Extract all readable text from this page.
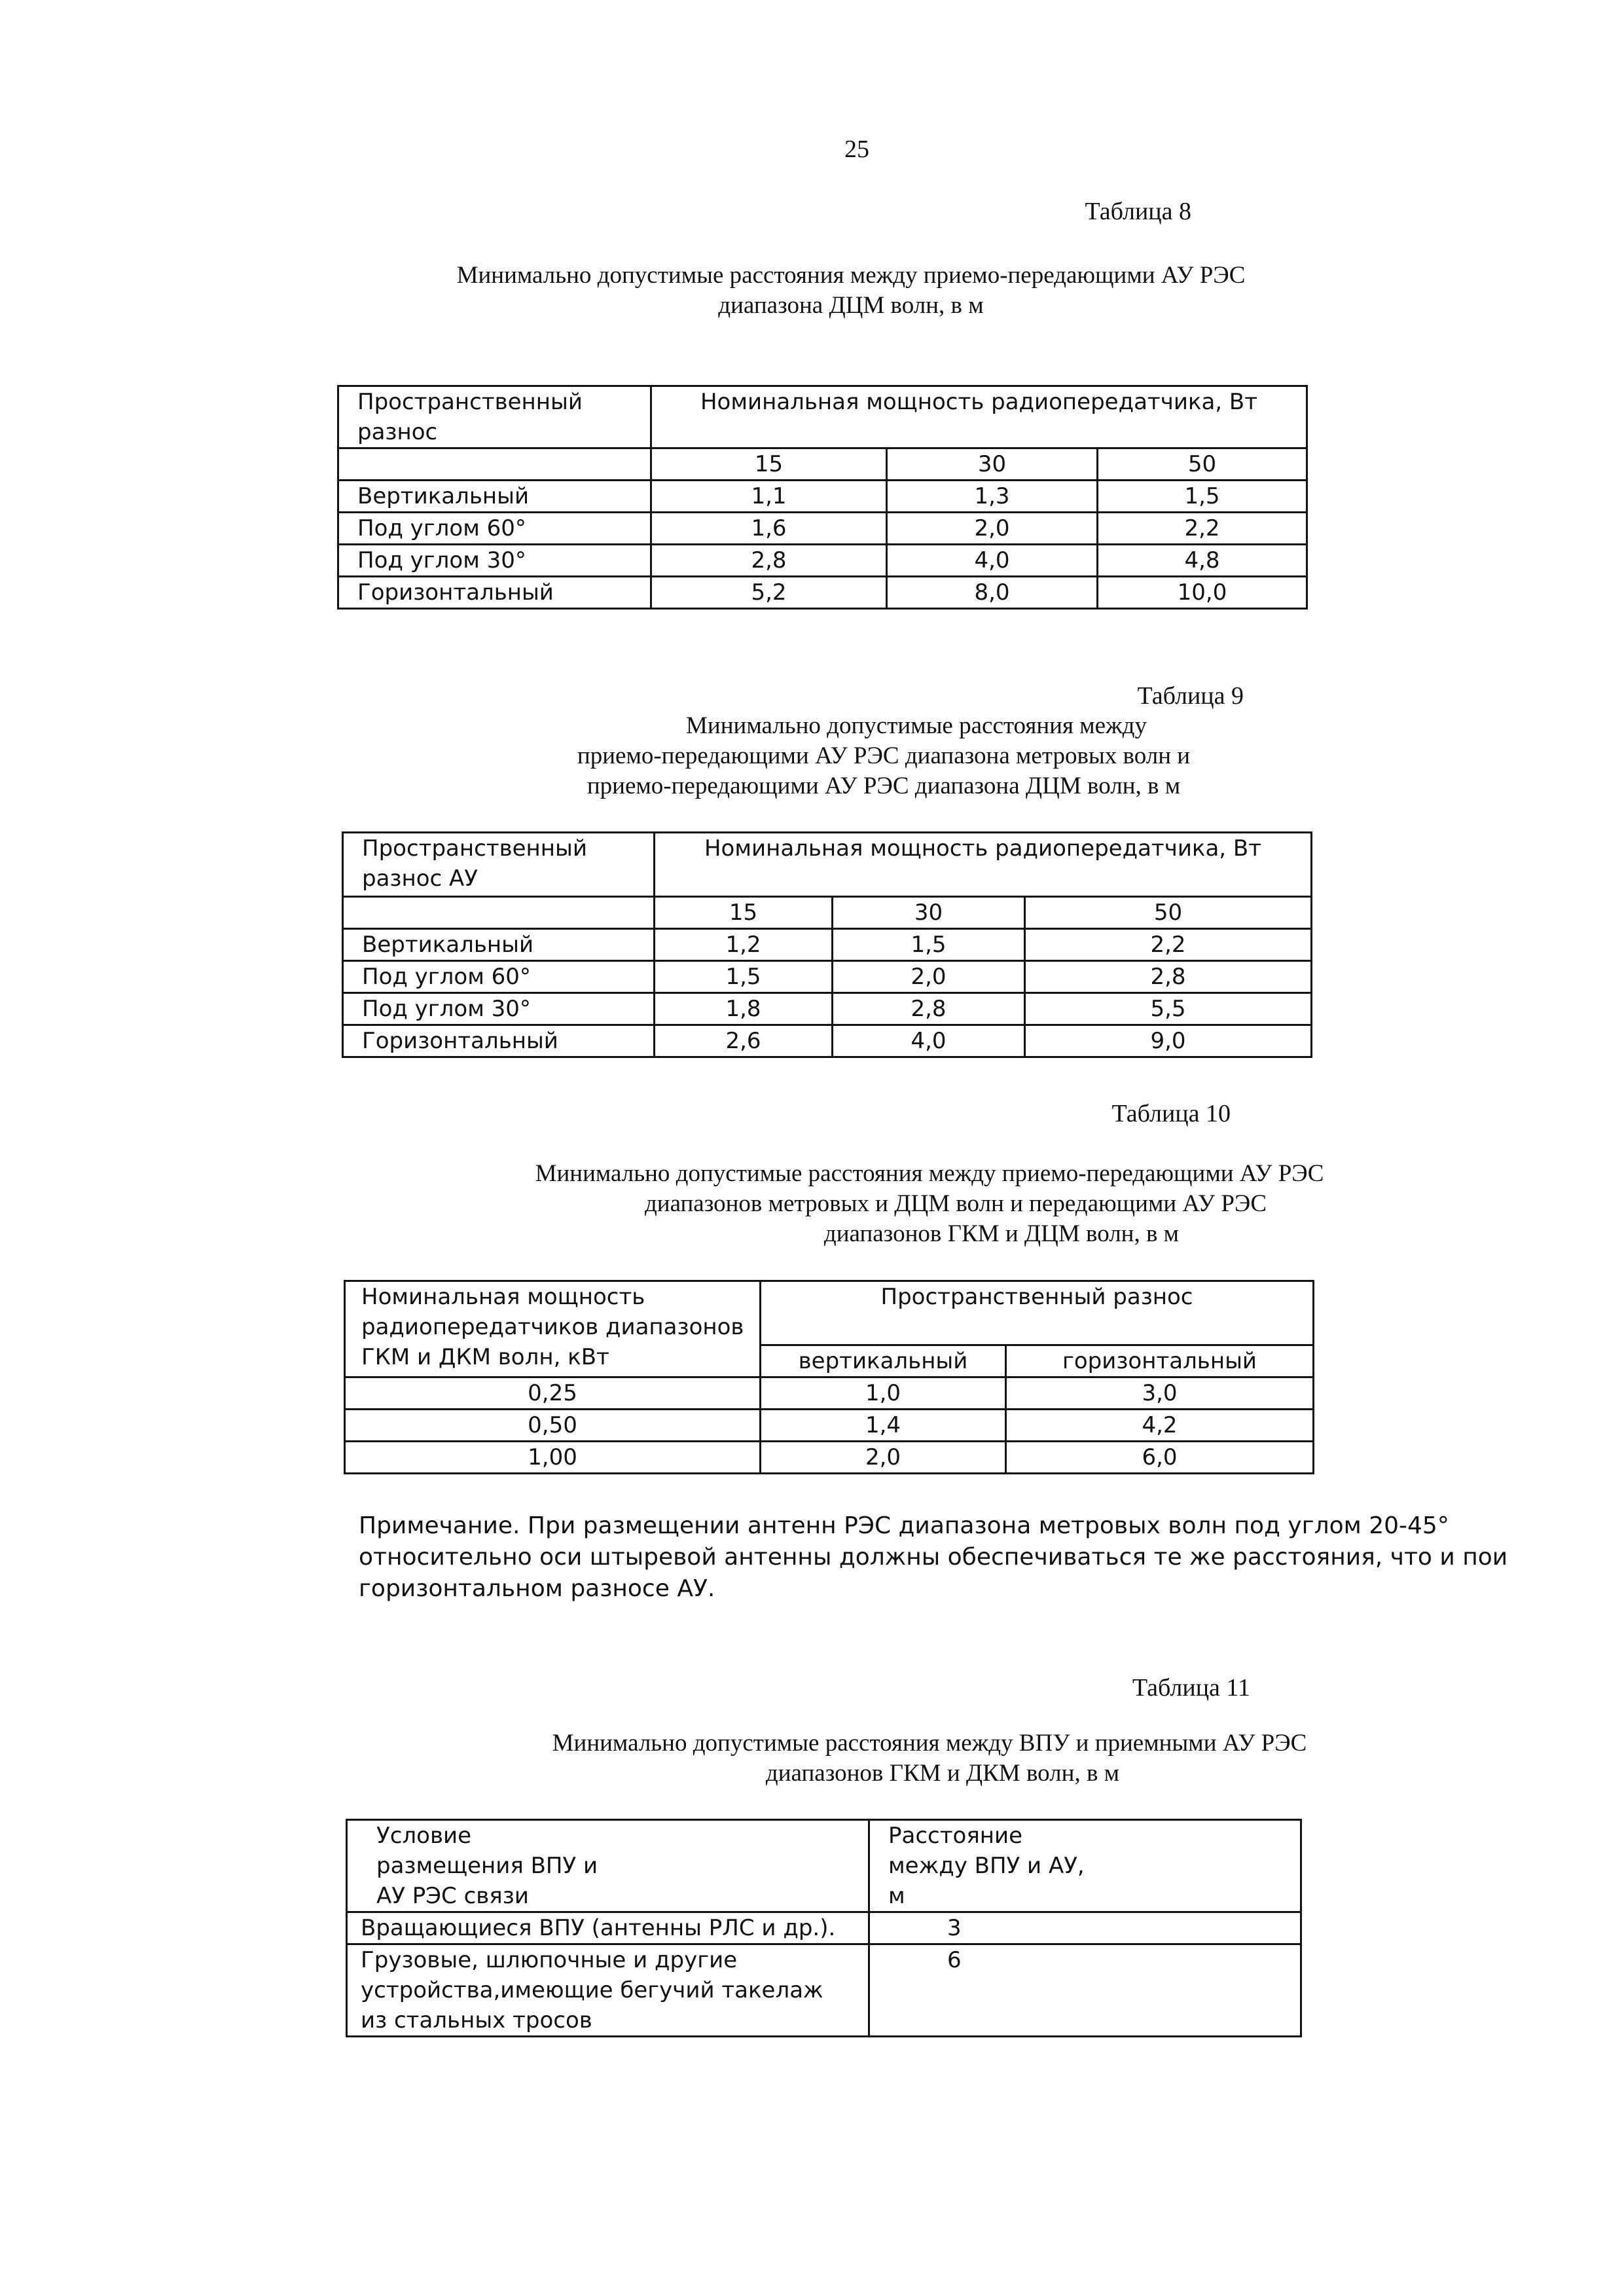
25
Таблица 8
Минимально допустимые расстояния между приемо-передающими АУ РЭС
диапазона ДЦМ волн, в м
Пространственный разнос	Номинальная мощность радиопередатчика, Вт		
	15	30	50
Вертикальный	1,1	1,3	1,5
Под углом 60°	1,6	2,0	2,2
Под углом 30°	2,8	4,0	4,8
Горизонтальный	5,2	8,0	10,0
Таблица 9
Минимально допустимые расстояния между
приемо-передающими АУ РЭС диапазона метровых волн и
приемо-передающими АУ РЭС диапазона ДЦМ волн, в м
Пространственный разнос АУ	Номинальная мощность радиопередатчика, Вт		
	15	30	50
Вертикальный	1,2	1,5	2,2
Под углом 60°	1,5	2,0	2,8
Под углом 30°	1,8	2,8	5,5
Горизонтальный	2,6	4,0	9,0
Таблица 10
Минимально допустимые расстояния между приемо-передающими АУ РЭС
диапазонов метровых и ДЦМ волн и передающими АУ РЭС
диапазонов ГКМ и ДЦМ волн, в м
Номинальная мощность радиопередатчиков диапазонов ГКМ и ДКМ волн, кВт	Пространственный разнос	
	вертикальный	горизонтальный
0,25	1,0	3,0
0,50	1,4	4,2
1,00	2,0	6,0
Примечание. При размещении антенн РЭС диапазона метровых волн под углом 20-45°
относительно оси штыревой антенны должны обеспечиваться те же расстояния, что и пои
горизонтальном разносе АУ.
Таблица 11
Минимально допустимые расстояния между ВПУ и приемными АУ РЭС
диапазонов ГКМ и ДКМ волн, в м
Условие размещения ВПУ и АУ РЭС связи	Расстояние между ВПУ и АУ, м
Вращающиеся ВПУ (антенны РЛС и др.).	3
Грузовые, шлюпочные и другие устройства,имеющие бегучий такелаж из стальных тросов	6
